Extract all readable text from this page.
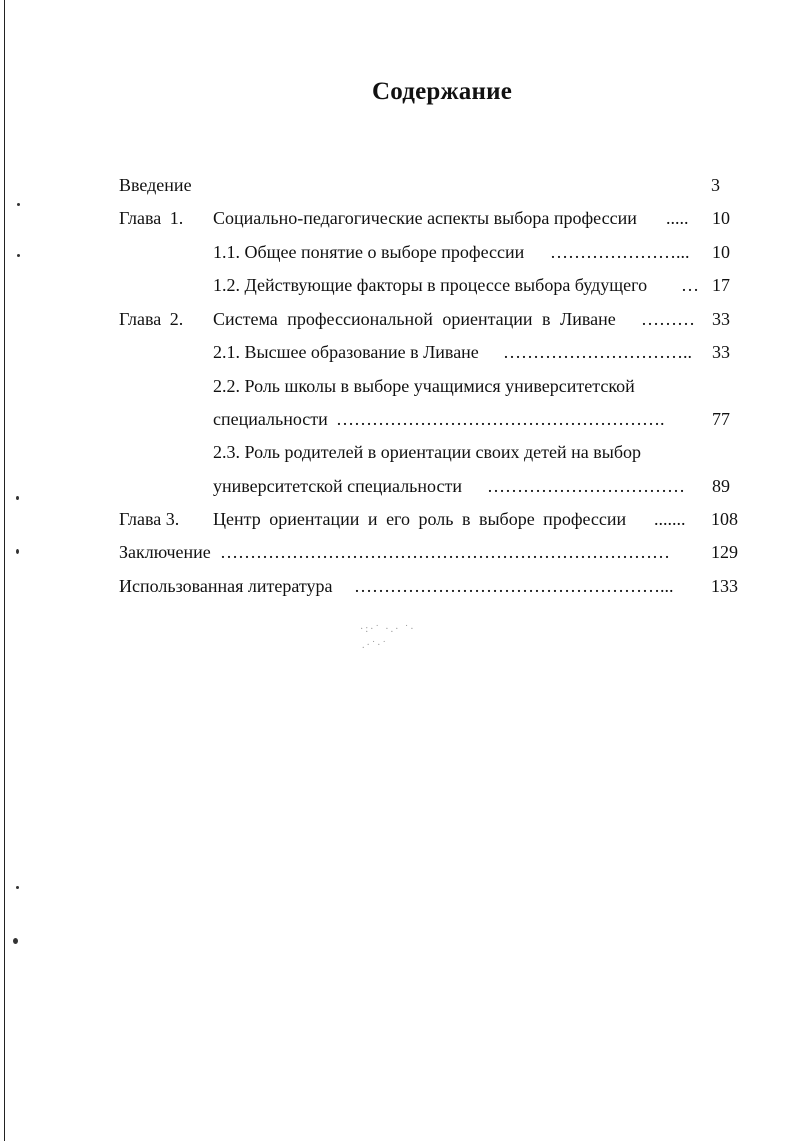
·:·˙ ·.· ˙·
.·˙·˙
Содержание
Введение	3
Глава 1. Социально-педагогические аспекты выбора профессии ..... 10
1.1. Общее понятие о выборе профессии …………………... 10
1.2. Действующие факторы в процессе выбора будущего … 17
Глава 2. Система профессиональной ориентации в Ливане ……… 33
2.1. Высшее образование в Ливане ………………………….. 33
2.2. Роль школы в выборе учащимися университетской
специальности ……………………………………………….	77
2.3. Роль родителей в ориентации своих детей на выбор
университетской специальности …………………………… 89
Глава 3. Центр ориентации и его роль в выборе профессии ....... 108
Заключение …………………………………………………………………	129
Использованная литература ……………………………………………...	133
